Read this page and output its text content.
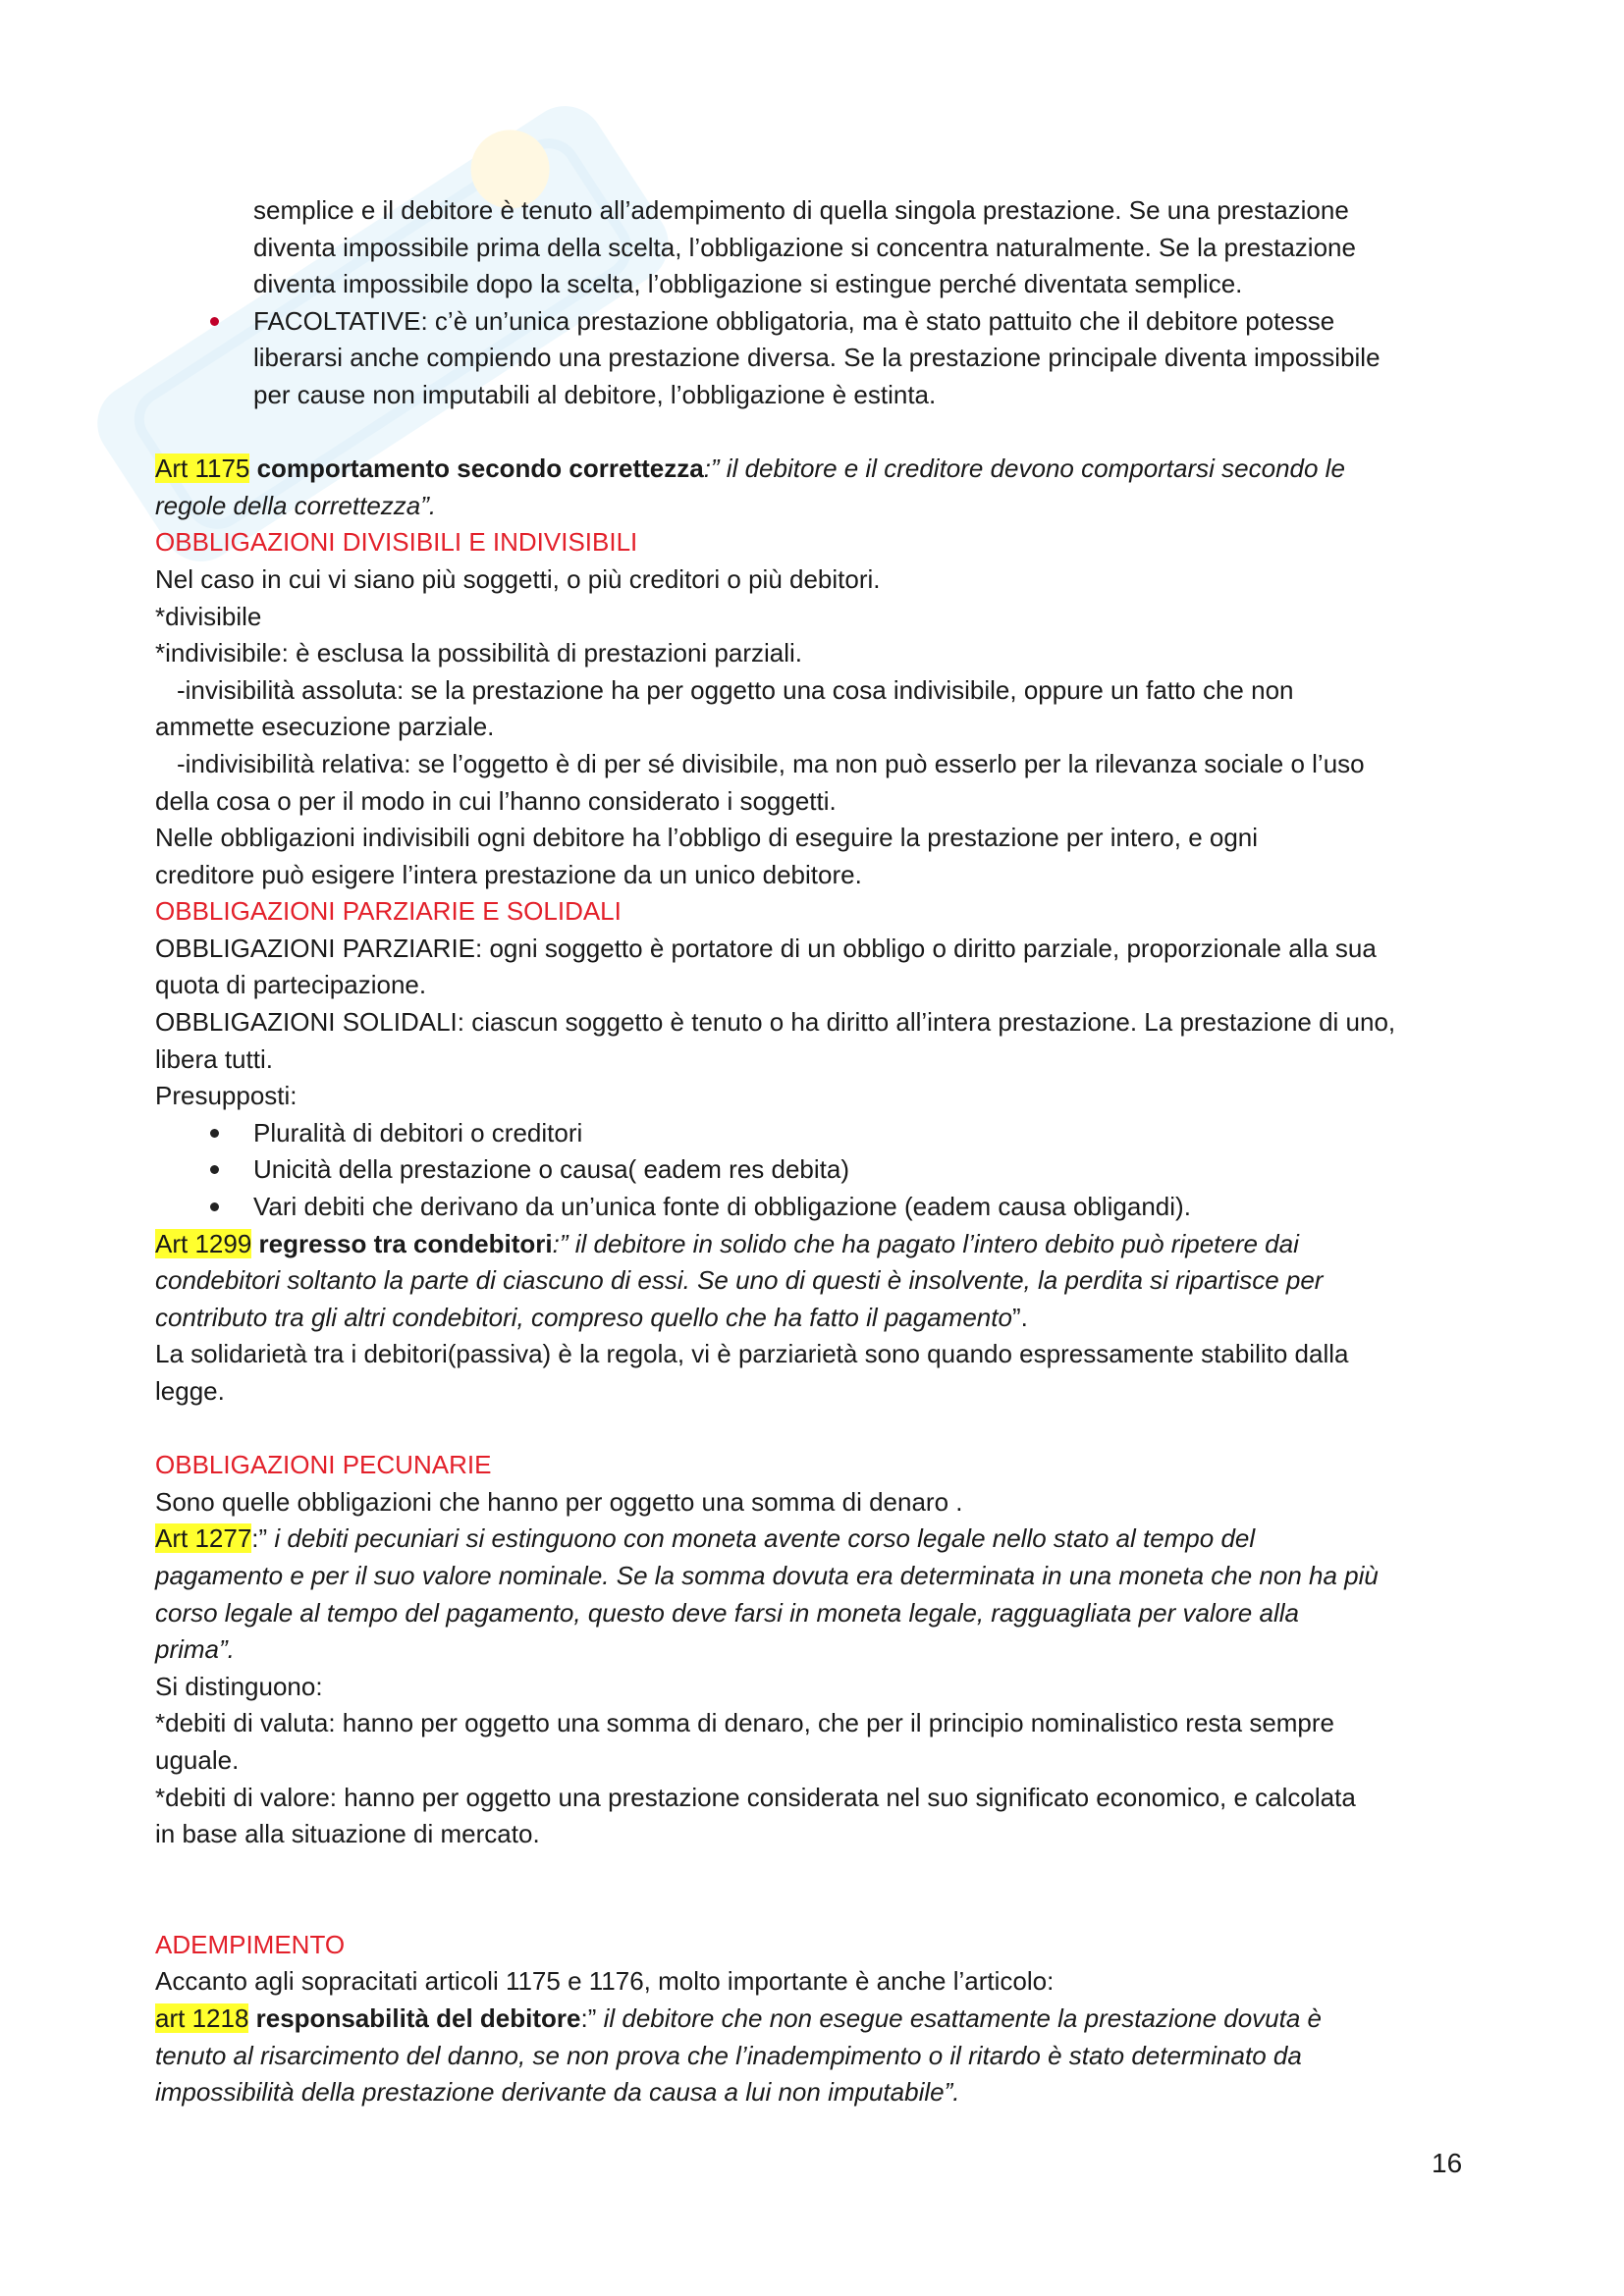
semplice e il debitore è tenuto all’adempimento di quella singola prestazione. Se una prestazione

diventa impossibile prima della scelta, l’obbligazione si concentra naturalmente. Se la prestazione

diventa impossibile dopo la scelta, l’obbligazione si estingue perché diventata semplice.

FACOLTATIVE: c’è un’unica prestazione obbligatoria, ma è stato pattuito che il debitore potesse
liberarsi anche compiendo una prestazione diversa. Se la prestazione principale diventa impossibile
per cause non imputabili al debitore, l’obbligazione è estinta.

Art 1175 comportamento secondo correttezza:” il debitore e il creditore devono comportarsi secondo le
regole della correttezza”.

OBBLIGAZIONI DIVISIBILI E INDIVISIBILI

Nel caso in cui vi siano più soggetti, o più creditori o più debitori.

*divisibile

*indivisibile: è esclusa la possibilità di prestazioni parziali.

-invisibilità assoluta: se la prestazione ha per oggetto una cosa indivisibile, oppure un fatto che non
ammette esecuzione parziale.

-indivisibilità relativa: se l’oggetto è di per sé divisibile, ma non può esserlo per la rilevanza sociale o l’uso
della cosa o per il modo in cui l’hanno considerato i soggetti.

Nelle obbligazioni indivisibili ogni debitore ha l’obbligo di eseguire la prestazione per intero, e ogni
creditore può esigere l’intera prestazione da un unico debitore.

OBBLIGAZIONI PARZIARIE E SOLIDALI

OBBLIGAZIONI PARZIARIE: ogni soggetto è portatore di un obbligo o diritto parziale, proporzionale alla sua
quota di partecipazione.

OBBLIGAZIONI SOLIDALI: ciascun soggetto è tenuto o ha diritto all’intera prestazione. La prestazione di uno,
libera tutti.

Presupposti:

Pluralità di debitori o creditori
Unicità della prestazione o causa( eadem res debita)
Vari debiti che derivano da un’unica fonte di obbligazione (eadem causa obligandi).

Art 1299 regresso tra condebitori:” il debitore in solido che ha pagato l’intero debito può ripetere dai
condebitori soltanto la parte di ciascuno di essi. Se uno di questi è insolvente, la perdita si ripartisce per
contributo tra gli altri condebitori, compreso quello che ha fatto il pagamento”.

La solidarietà tra i debitori(passiva) è la regola, vi è parziarietà sono quando espressamente stabilito dalla
legge.

OBBLIGAZIONI PECUNARIE

Sono quelle obbligazioni che hanno per oggetto una somma di denaro .

Art 1277:” i debiti pecuniari si estinguono con moneta avente corso legale nello stato al tempo del
pagamento e per il suo valore nominale. Se la somma dovuta era determinata in una moneta che non ha più
corso legale al tempo del pagamento, questo deve farsi in moneta legale, ragguagliata per valore alla
prima”.

Si distinguono:

*debiti di valuta: hanno per oggetto una somma di denaro, che per il principio nominalistico resta sempre
uguale.

*debiti di valore: hanno per oggetto una prestazione considerata nel suo significato economico, e calcolata
in base alla situazione di mercato.

ADEMPIMENTO

Accanto agli sopracitati articoli 1175 e 1176, molto importante è anche l’articolo:

art 1218 responsabilità del debitore:” il debitore che non esegue esattamente la prestazione dovuta è
tenuto al risarcimento del danno, se non prova che l’inadempimento o il ritardo è stato determinato da
impossibilità della prestazione derivante da causa a lui non imputabile”.

16
